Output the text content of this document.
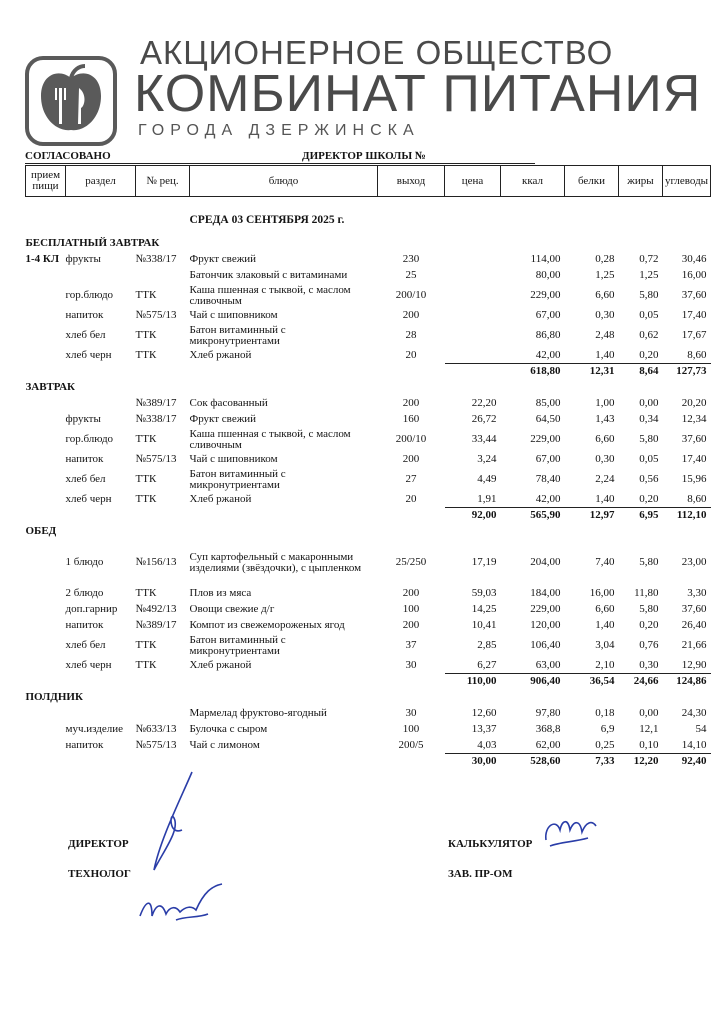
АКЦИОНЕРНОЕ ОБЩЕСТВО
КОМБИНАТ ПИТАНИЯ
ГОРОДА ДЗЕРЖИНСКА
СОГЛАСОВАНО	ДИРЕКТОР ШКОЛЫ №
прием пищи	раздел	№ рец.	блюдо	выход	цена	ккал	белки	жиры	углеводы

			СРЕДА 03 СЕНТЯБРЯ 2025 г.						

БЕСПЛАТНЫЙ ЗАВТРАК									
1-4 КЛ	фрукты	№338/17	Фрукт свежий	230		114,00	0,28	0,72	30,46
			Батончик злаковый с витаминами	25		80,00	1,25	1,25	16,00
	гор.блюдо	ТТК	Каша пшенная с тыквой, с маслом сливочным	200/10		229,00	6,60	5,80	37,60
	напиток	№575/13	Чай с шиповником	200		67,00	0,30	0,05	17,40
	хлеб бел	ТТК	Батон витаминный с микронутриентами	28		86,80	2,48	0,62	17,67
	хлеб черн	ТТК	Хлеб ржаной	20		42,00	1,40	0,20	8,60
						618,80	12,31	8,64	127,73
ЗАВТРАК									
		№389/17	Сок фасованный	200	22,20	85,00	1,00	0,00	20,20
	фрукты	№338/17	Фрукт свежий	160	26,72	64,50	1,43	0,34	12,34
	гор.блюдо	ТТК	Каша пшенная с тыквой, с маслом сливочным	200/10	33,44	229,00	6,60	5,80	37,60
	напиток	№575/13	Чай с шиповником	200	3,24	67,00	0,30	0,05	17,40
	хлеб бел	ТТК	Батон витаминный с микронутриентами	27	4,49	78,40	2,24	0,56	15,96
	хлеб черн	ТТК	Хлеб ржаной	20	1,91	42,00	1,40	0,20	8,60
					92,00	565,90	12,97	6,95	112,10
ОБЕД									
	1 блюдо	№156/13	Суп картофельный с макаронными изделиями (звёздочки), с цыпленком	25/250	17,19	204,00	7,40	5,80	23,00
	2 блюдо	ТТК	Плов из мяса	200	59,03	184,00	16,00	11,80	3,30
	доп.гарнир	№492/13	Овощи свежие д/г	100	14,25	229,00	6,60	5,80	37,60
	напиток	№389/17	Компот из свежемороженых ягод	200	10,41	120,00	1,40	0,20	26,40
	хлеб бел	ТТК	Батон витаминный с микронутриентами	37	2,85	106,40	3,04	0,76	21,66
	хлеб черн	ТТК	Хлеб ржаной	30	6,27	63,00	2,10	0,30	12,90
					110,00	906,40	36,54	24,66	124,86
ПОЛДНИК									
			Мармелад фруктово-ягодный	30	12,60	97,80	0,18	0,00	24,30
	муч.изделие	№633/13	Булочка с сыром	100	13,37	368,8	6,9	12,1	54
	напиток	№575/13	Чай с лимоном	200/5	4,03	62,00	0,25	0,10	14,10
					30,00	528,60	7,33	12,20	92,40
ДИРЕКТОР
ТЕХНОЛОГ
КАЛЬКУЛЯТОР
ЗАВ. ПР-ОМ
